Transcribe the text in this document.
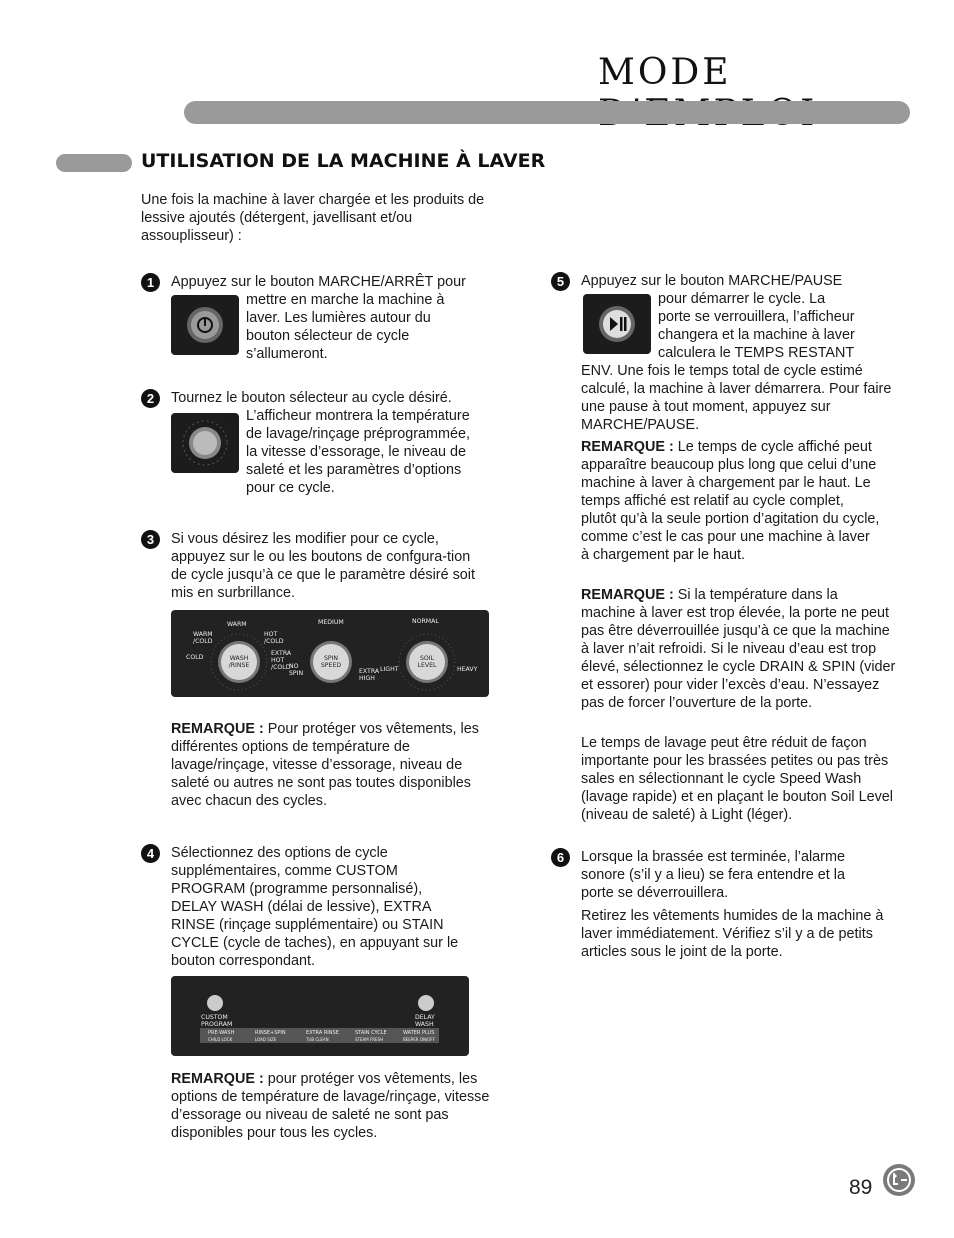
MODE
UTILISATION DE LA MACHINE À LAVER
Une fois la machine à laver chargée et les produits de lessive ajoutés (détergent, javellisant et/ou assouplisseur) :
1	Appuyez sur le bouton MARCHE/ARRÊT pour
mettre en marche la machine à
laver. Les lumières autour du
bouton sélecteur de cycle
s’allumeront.
2	Tournez le bouton sélecteur au cycle désiré.
L’afficheur montrera la température
de lavage/rinçage préprogrammée,
la vitesse d’essorage, le niveau de
saleté et les paramètres d’options
pour ce cycle.
3	Si vous désirez les modifier pour ce cycle, appuyez sur le ou les boutons de confgura-tion de cycle jusqu’à ce que le paramètre désiré soit mis en surbrillance.
WARM
WARM /COLD
COLD
HOT /COLD
EXTRA HOT /COLD
WASH /RINSE
MEDIUM
NO SPIN	EXTRA HIGH
SPIN SPEED
NORMAL
LIGHT	HEAVY
SOIL LEVEL
REMARQUE : Pour protéger vos vêtements, les différentes options de température de lavage/rinçage, vitesse d’essorage, niveau de saleté ou autres ne sont pas toutes disponibles avec chacun des cycles.
4	Sélectionnez des options de cycle supplémentaires, comme CUSTOM PROGRAM (programme personnalisé), DELAY WASH (délai de lessive), EXTRA RINSE (rinçage supplémentaire) ou STAIN CYCLE (cycle de taches), en appuyant sur le bouton correspondant.
CUSTOM PROGRAM
DELAY WASH
PRE-WASH
CHILD LOCK
RINSE+SPIN
LOAD SIZE
EXTRA RINSE
TUB CLEAN
STAIN CYCLE
STEAM FRESH
WATER PLUS
BEEPER ON/OFF
REMARQUE : pour protéger vos vêtements, les options de température de lavage/rinçage, vitesse d’essorage ou niveau de saleté ne sont pas disponibles pour tous les cycles.
5	Appuyez sur le bouton MARCHE/PAUSE
pour démarrer le cycle. La
porte se verrouillera, l’afficheur
changera et la machine à laver
calculera le TEMPS RESTANT
ENV. Une fois le temps total de cycle estimé calculé, la machine à laver démarrera. Pour faire une pause à tout moment, appuyez sur MARCHE/PAUSE.
REMARQUE : Le temps de cycle affiché peut apparaître beaucoup plus long que celui d’une machine à laver à chargement par le haut. Le temps affiché est relatif au cycle complet, plutôt qu’à la seule portion d’agitation du cycle, comme c’est le cas pour une machine à laver à chargement par le haut.
REMARQUE : Si la température dans la machine à laver est trop élevée, la porte ne peut pas être déverrouillée jusqu’à ce que la machine à laver n’ait refroidi. Si le niveau d’eau est trop élevé, sélectionnez le cycle DRAIN & SPIN (vider et essorer) pour vider l’excès d’eau. N’essayez pas de forcer l’ouverture de la porte.
Le temps de lavage peut être réduit de façon importante pour les brassées petites ou pas très sales en sélectionnant le cycle Speed Wash (lavage rapide) et en plaçant le bouton Soil Level (niveau de saleté) à Light (léger).
6	Lorsque la brassée est terminée, l’alarme sonore (s’il y a lieu) se fera entendre et la porte se déverrouillera.
Retirez les vêtements humides de la machine à laver immédiatement. Vérifiez s’il y a de petits articles sous le joint de la porte.
89
